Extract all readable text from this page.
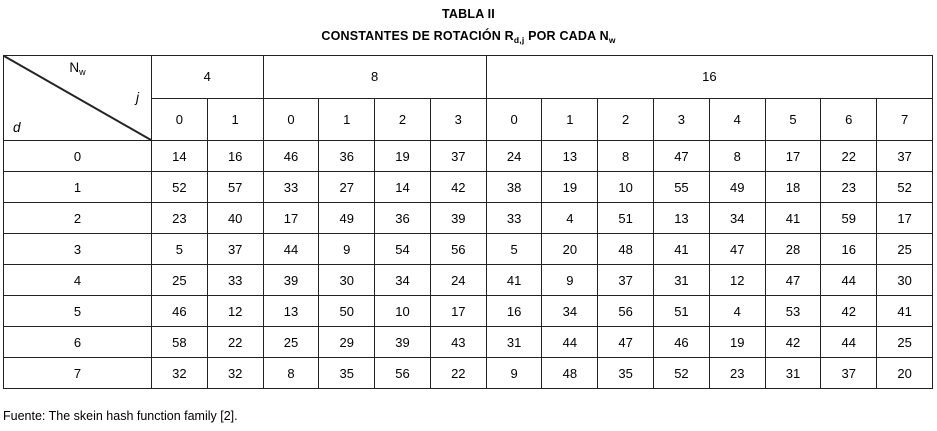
TABLA II
CONSTANTES DE ROTACIÓN $R_{d,j}$ POR CADA $N_w$
$N_w$
j
d	4		8				16							
	0	1	0	1	2	3	0	1	2	3	4	5	6	7
0	14	16	46	36	19	37	24	13	8	47	8	17	22	37
1	52	57	33	27	14	42	38	19	10	55	49	18	23	52
2	23	40	17	49	36	39	33	4	51	13	34	41	59	17
3	5	37	44	9	54	56	5	20	48	41	47	28	16	25
4	25	33	39	30	34	24	41	9	37	31	12	47	44	30
5	46	12	13	50	10	17	16	34	56	51	4	53	42	41
6	58	22	25	29	39	43	31	44	47	46	19	42	44	25
7	32	32	8	35	56	22	9	48	35	52	23	31	37	20
Fuente: The skein hash function family [2].
